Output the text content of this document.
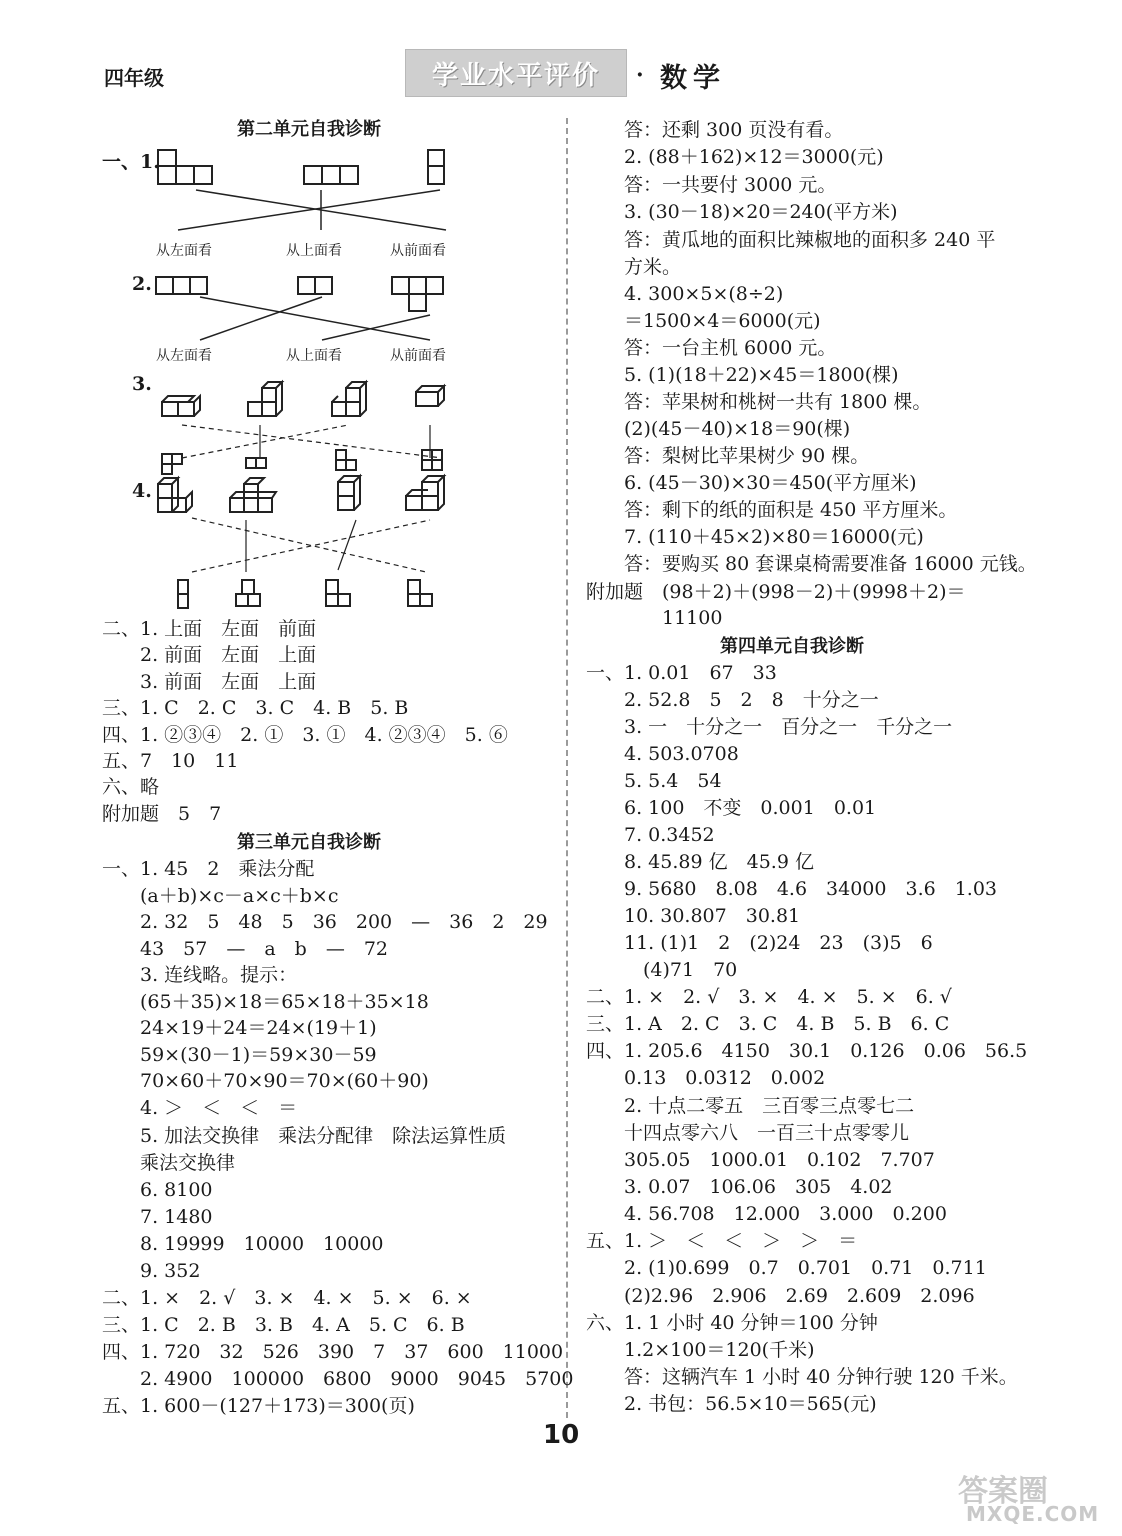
四年级	学业水平评价	· 数学
第二单元自我诊断
一、1.
2.
3.
4.
从左面看	从上面看	从前面看
从左面看	从上面看	从前面看
二、1. 上面　左面　前面
　　2. 前面　左面　上面
　　3. 前面　左面　上面
三、1. C　2. C　3. C　4. B　5. B
四、1. ②③④　2. ①　3. ①　4. ②③④　5. ⑥
五、7　10　11
六、略
附加题　5　7
第三单元自我诊断
一、1. 45　2　乘法分配
　　(a＋b)×c－a×c＋b×c
　　2. 32　5　48　5　36　200　—　36　2　29
　　43　57　—　a　b　—　72
　　3. 连线略。提示：
　　(65＋35)×18＝65×18＋35×18
　　24×19＋24＝24×(19＋1)
　　59×(30－1)＝59×30－59
　　70×60＋70×90＝70×(60＋90)
　　4. ＞　＜　＜　＝
　　5. 加法交换律　乘法分配律　除法运算性质
　　乘法交换律
　　6. 8100
　　7. 1480
　　8. 19999　10000　10000
　　9. 352
二、1. ×　2. √　3. ×　4. ×　5. ×　6. ×
三、1. C　2. B　3. B　4. A　5. C　6. B
四、1. 720　32　526　390　7　37　600　11000
　　2. 4900　100000　6800　9000　9045　5700
五、1. 600－(127＋173)＝300(页)
　　答：还剩 300 页没有看。
　　2. (88＋162)×12＝3000(元)
　　答：一共要付 3000 元。
　　3. (30－18)×20＝240(平方米)
　　答：黄瓜地的面积比辣椒地的面积多 240 平
　　方米。
　　4. 300×5×(8÷2)
　　＝1500×4＝6000(元)
　　答：一台主机 6000 元。
　　5. (1)(18＋22)×45＝1800(棵)
　　答：苹果树和桃树一共有 1800 棵。
　　(2)(45－40)×18＝90(棵)
　　答：梨树比苹果树少 90 棵。
　　6. (45－30)×30＝450(平方厘米)
　　答：剩下的纸的面积是 450 平方厘米。
　　7. (110＋45×2)×80＝16000(元)
　　答：要购买 80 套课桌椅需要准备 16000 元钱。
附加题　(98＋2)＋(998－2)＋(9998＋2)＝
　　　　11100
第四单元自我诊断
一、1. 0.01　67　33
　　2. 52.8　5　2　8　十分之一
　　3. 一　十分之一　百分之一　千分之一
　　4. 503.0708
　　5. 5.4　54
　　6. 100　不变　0.001　0.01
　　7. 0.3452
　　8. 45.89 亿　45.9 亿
　　9. 5680　8.08　4.6　34000　3.6　1.03
　　10. 30.807　30.81
　　11. (1)1　2　(2)24　23　(3)5　6
　　　(4)71　70
二、1. ×　2. √　3. ×　4. ×　5. ×　6. √
三、1. A　2. C　3. C　4. B　5. B　6. C
四、1. 205.6　4150　30.1　0.126　0.06　56.5
　　0.13　0.0312　0.002
　　2. 十点二零五　三百零三点零七二
　　十四点零六八　一百三十点零零儿
　　305.05　1000.01　0.102　7.707
　　3. 0.07　106.06　305　4.02
　　4. 56.708　12.000　3.000　0.200
五、1. ＞　＜　＜　＞　＞　＝
　　2. (1)0.699　0.7　0.701　0.71　0.711
　　(2)2.96　2.906　2.69　2.609　2.096
六、1. 1 小时 40 分钟＝100 分钟
　　1.2×100＝120(千米)
　　答：这辆汽车 1 小时 40 分钟行驶 120 千米。
　　2. 书包：56.5×10＝565(元)
10
答案圈
MXQE.COM
